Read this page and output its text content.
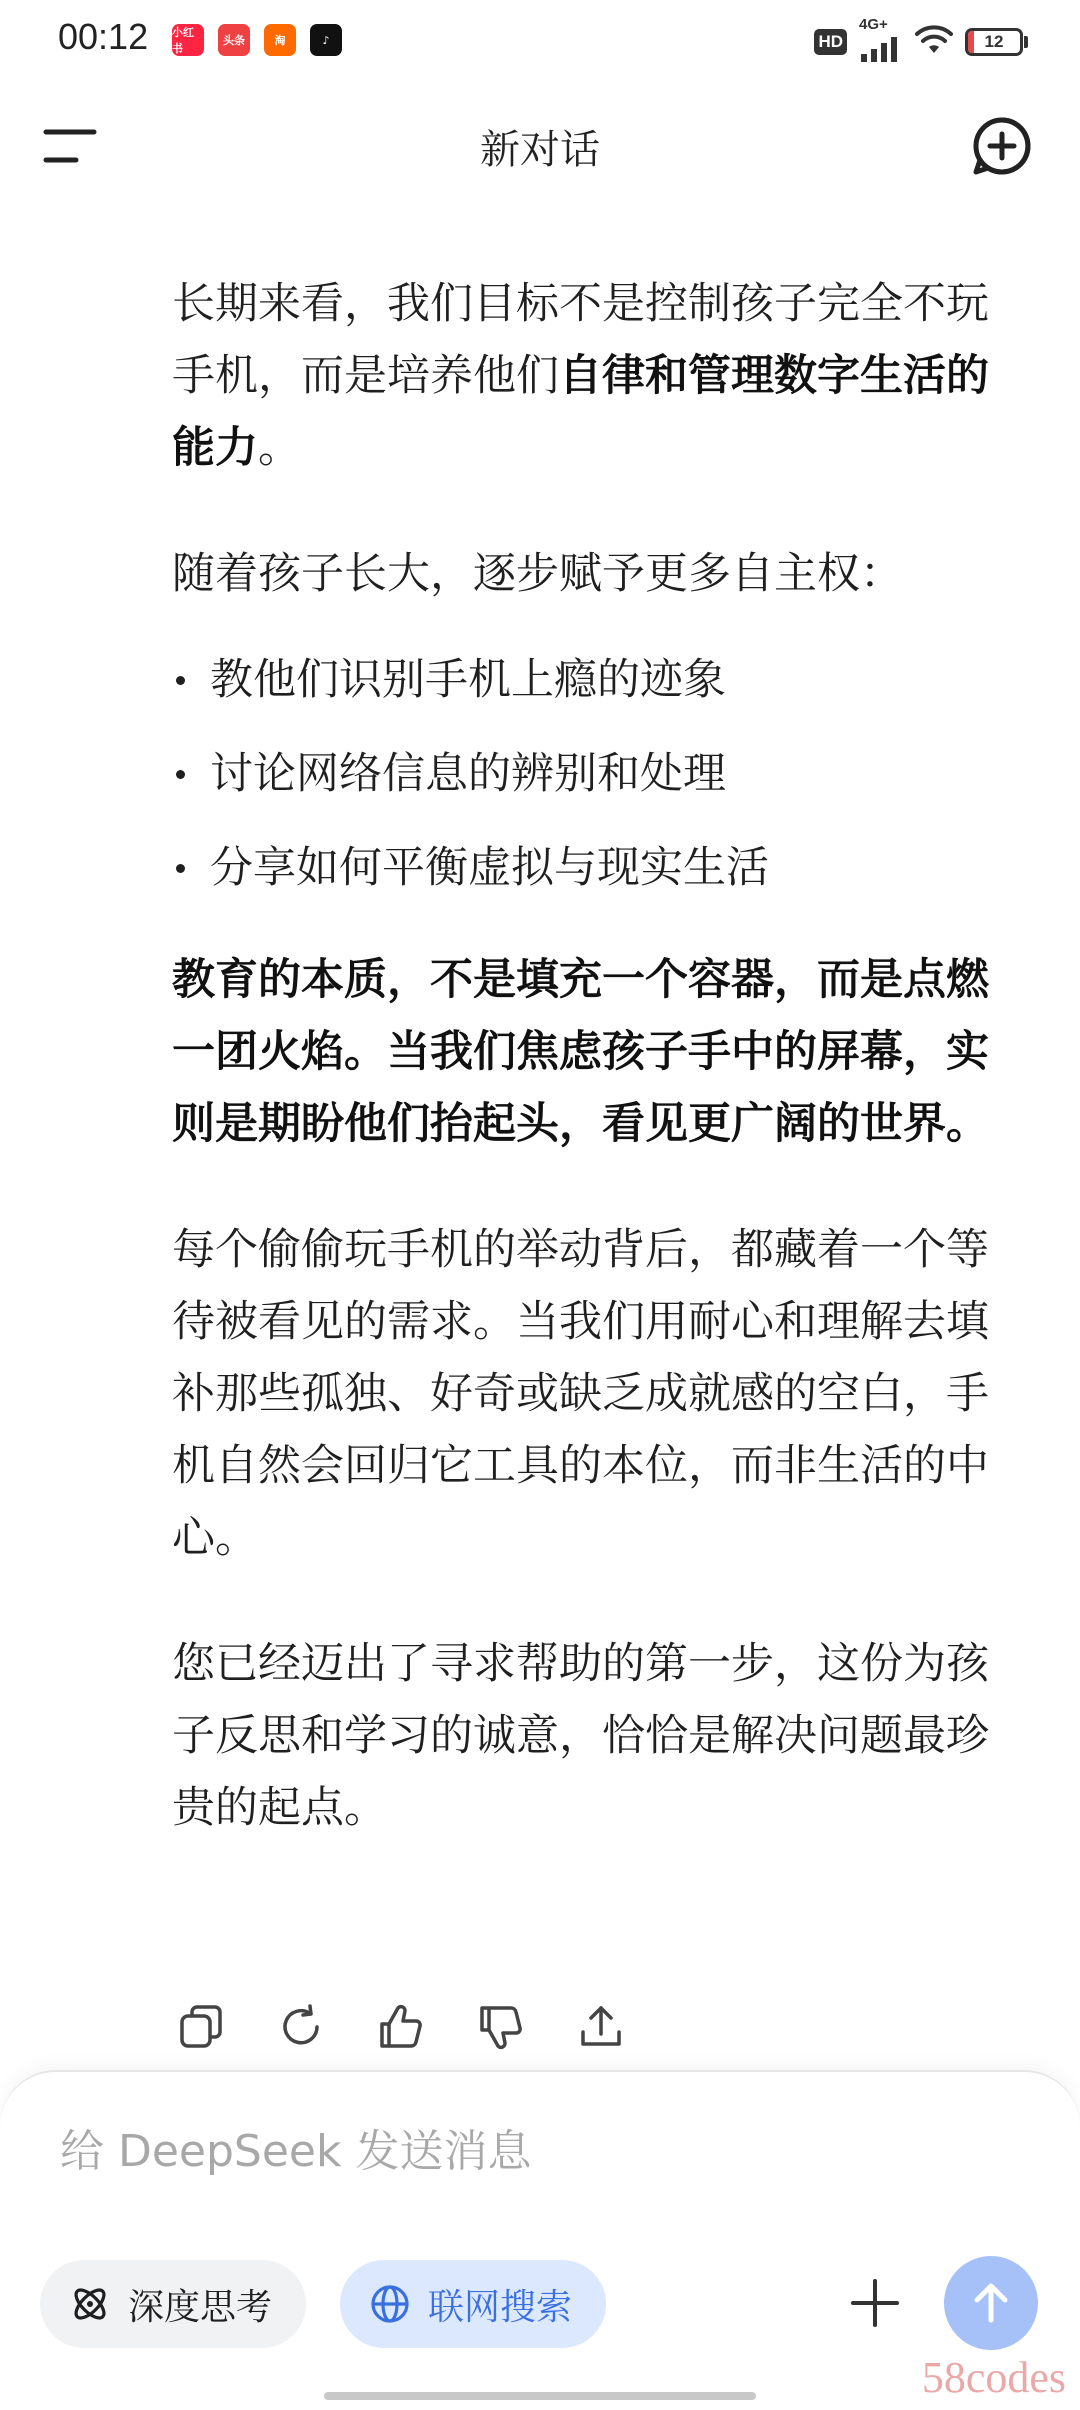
00:12 小红书
头条	淘	♪	HD
4G+
12
新对话

长期来看，我们目标不是控制孩子完全不玩手机，而是培养他们自律和管理数字生活的能力。

随着孩子长大，逐步赋予更多自主权：

教他们识别手机上瘾的迹象
讨论网络信息的辨别和处理
分享如何平衡虚拟与现实生活

教育的本质，不是填充一个容器，而是点燃一团火焰。当我们焦虑孩子手中的屏幕，实则是期盼他们抬起头，看见更广阔的世界。

每个偷偷玩手机的举动背后，都藏着一个等待被看见的需求。当我们用耐心和理解去填补那些孤独、好奇或缺乏成就感的空白，手机自然会回归它工具的本位，而非生活的中心。

您已经迈出了寻求帮助的第一步，这份为孩子反思和学习的诚意，恰恰是解决问题最珍贵的起点。

给 DeepSeek 发送消息
深度思考	联网搜索
58codes
